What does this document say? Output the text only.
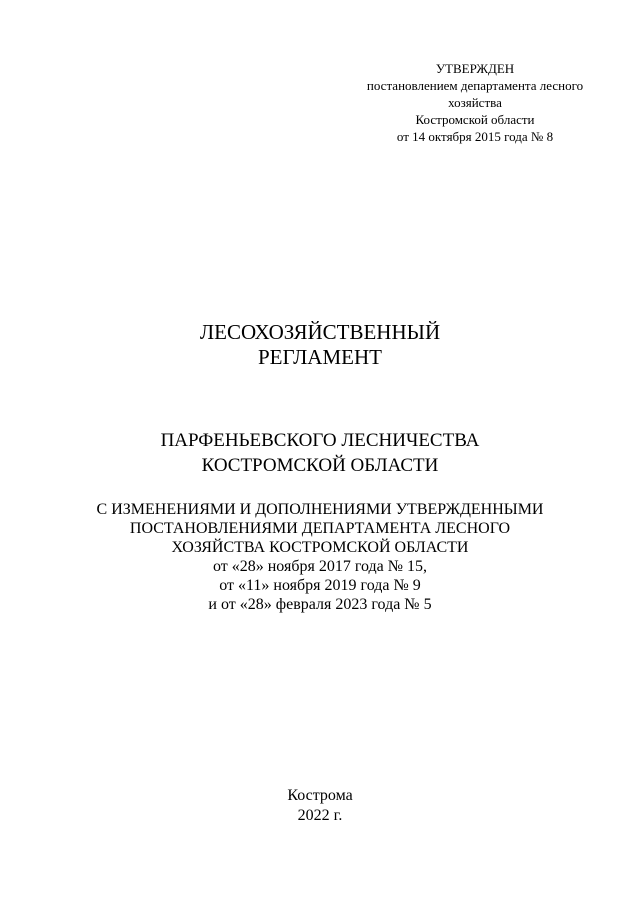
УТВЕРЖДЕН
постановлением департамента лесного
хозяйства
Костромской области
от 14 октября 2015 года № 8
ЛЕСОХОЗЯЙСТВЕННЫЙ
РЕГЛАМЕНТ
ПАРФЕНЬЕВСКОГО ЛЕСНИЧЕСТВА
КОСТРОМСКОЙ ОБЛАСТИ
С ИЗМЕНЕНИЯМИ И ДОПОЛНЕНИЯМИ УТВЕРЖДЕННЫМИ
ПОСТАНОВЛЕНИЯМИ ДЕПАРТАМЕНТА ЛЕСНОГО
ХОЗЯЙСТВА КОСТРОМСКОЙ ОБЛАСТИ
от «28» ноября 2017 года № 15,
от «11» ноября 2019 года № 9
и от «28» февраля 2023 года № 5
Кострома
2022 г.
